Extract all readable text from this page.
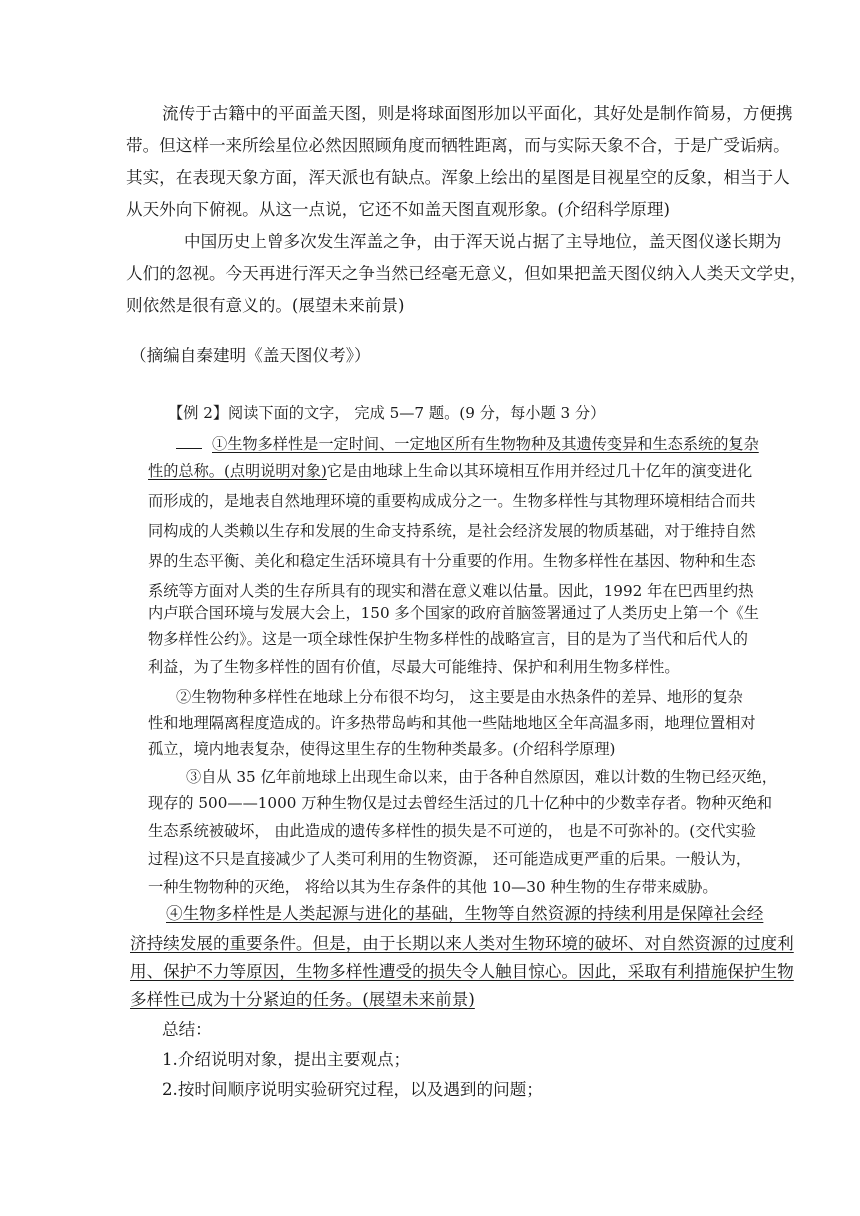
流传于古籍中的平面盖天图，则是将球面图形加以平面化，其好处是制作简易，方便携
带。但这样一来所绘星位必然因照顾角度而牺牲距离，而与实际天象不合，于是广受诟病。
其实，在表现天象方面，浑天派也有缺点。浑象上绘出的星图是目视星空的反象，相当于人
从天外向下俯视。从这一点说，它还不如盖天图直观形象。(介绍科学原理)
中国历史上曾多次发生浑盖之争，由于浑天说占据了主导地位，盖天图仪遂长期为
人们的忽视。今天再进行浑天之争当然已经毫无意义，但如果把盖天图仪纳入人类天文学史，
则依然是很有意义的。(展望未来前景)
（摘编自秦建明《盖天图仪考》）
【例 2】阅读下面的文字， 完成 5—7 题。(9 分，每小题 3 分）
①生物多样性是一定时间、一定地区所有生物物种及其遗传变异和生态系统的复杂
性的总称。(点明说明对象)它是由地球上生命以其环境相互作用并经过几十亿年的演变进化
而形成的，是地表自然地理环境的重要构成成分之一。生物多样性与其物理环境相结合而共
同构成的人类赖以生存和发展的生命支持系统，是社会经济发展的物质基础，对于维持自然
界的生态平衡、美化和稳定生活环境具有十分重要的作用。生物多样性在基因、物种和生态
系统等方面对人类的生存所具有的现实和潜在意义难以估量。因此，1992 年在巴西里约热
内卢联合国环境与发展大会上，150 多个国家的政府首脑签署通过了人类历史上第一个《生
物多样性公约》。这是一项全球性保护生物多样性的战略宣言，目的是为了当代和后代人的
利益，为了生物多样性的固有价值，尽最大可能维持、保护和利用生物多样性。
②生物物种多样性在地球上分布很不均匀， 这主要是由水热条件的差异、地形的复杂
性和地理隔离程度造成的。许多热带岛屿和其他一些陆地地区全年高温多雨，地理位置相对
孤立，境内地表复杂，使得这里生存的生物种类最多。(介绍科学原理)
③自从 35 亿年前地球上出现生命以来，由于各种自然原因，难以计数的生物已经灭绝，
现存的 500——1000 万种生物仅是过去曾经生活过的几十亿种中的少数幸存者。物种灭绝和
生态系统被破坏， 由此造成的遗传多样性的损失是不可逆的， 也是不可弥补的。(交代实验
过程)这不只是直接减少了人类可利用的生物资源， 还可能造成更严重的后果。一般认为，
一种生物物种的灭绝， 将给以其为生存条件的其他 10—30 种生物的生存带来威胁。
④生物多样性是人类起源与进化的基础，生物等自然资源的持续利用是保障社会经
济持续发展的重要条件。但是，由于长期以来人类对生物环境的破坏、对自然资源的过度利
用、保护不力等原因，生物多样性遭受的损失令人触目惊心。因此，采取有利措施保护生物
多样性已成为十分紧迫的任务。(展望未来前景)
总结：
1.介绍说明对象，提出主要观点；
2.按时间顺序说明实验研究过程，以及遇到的问题；
